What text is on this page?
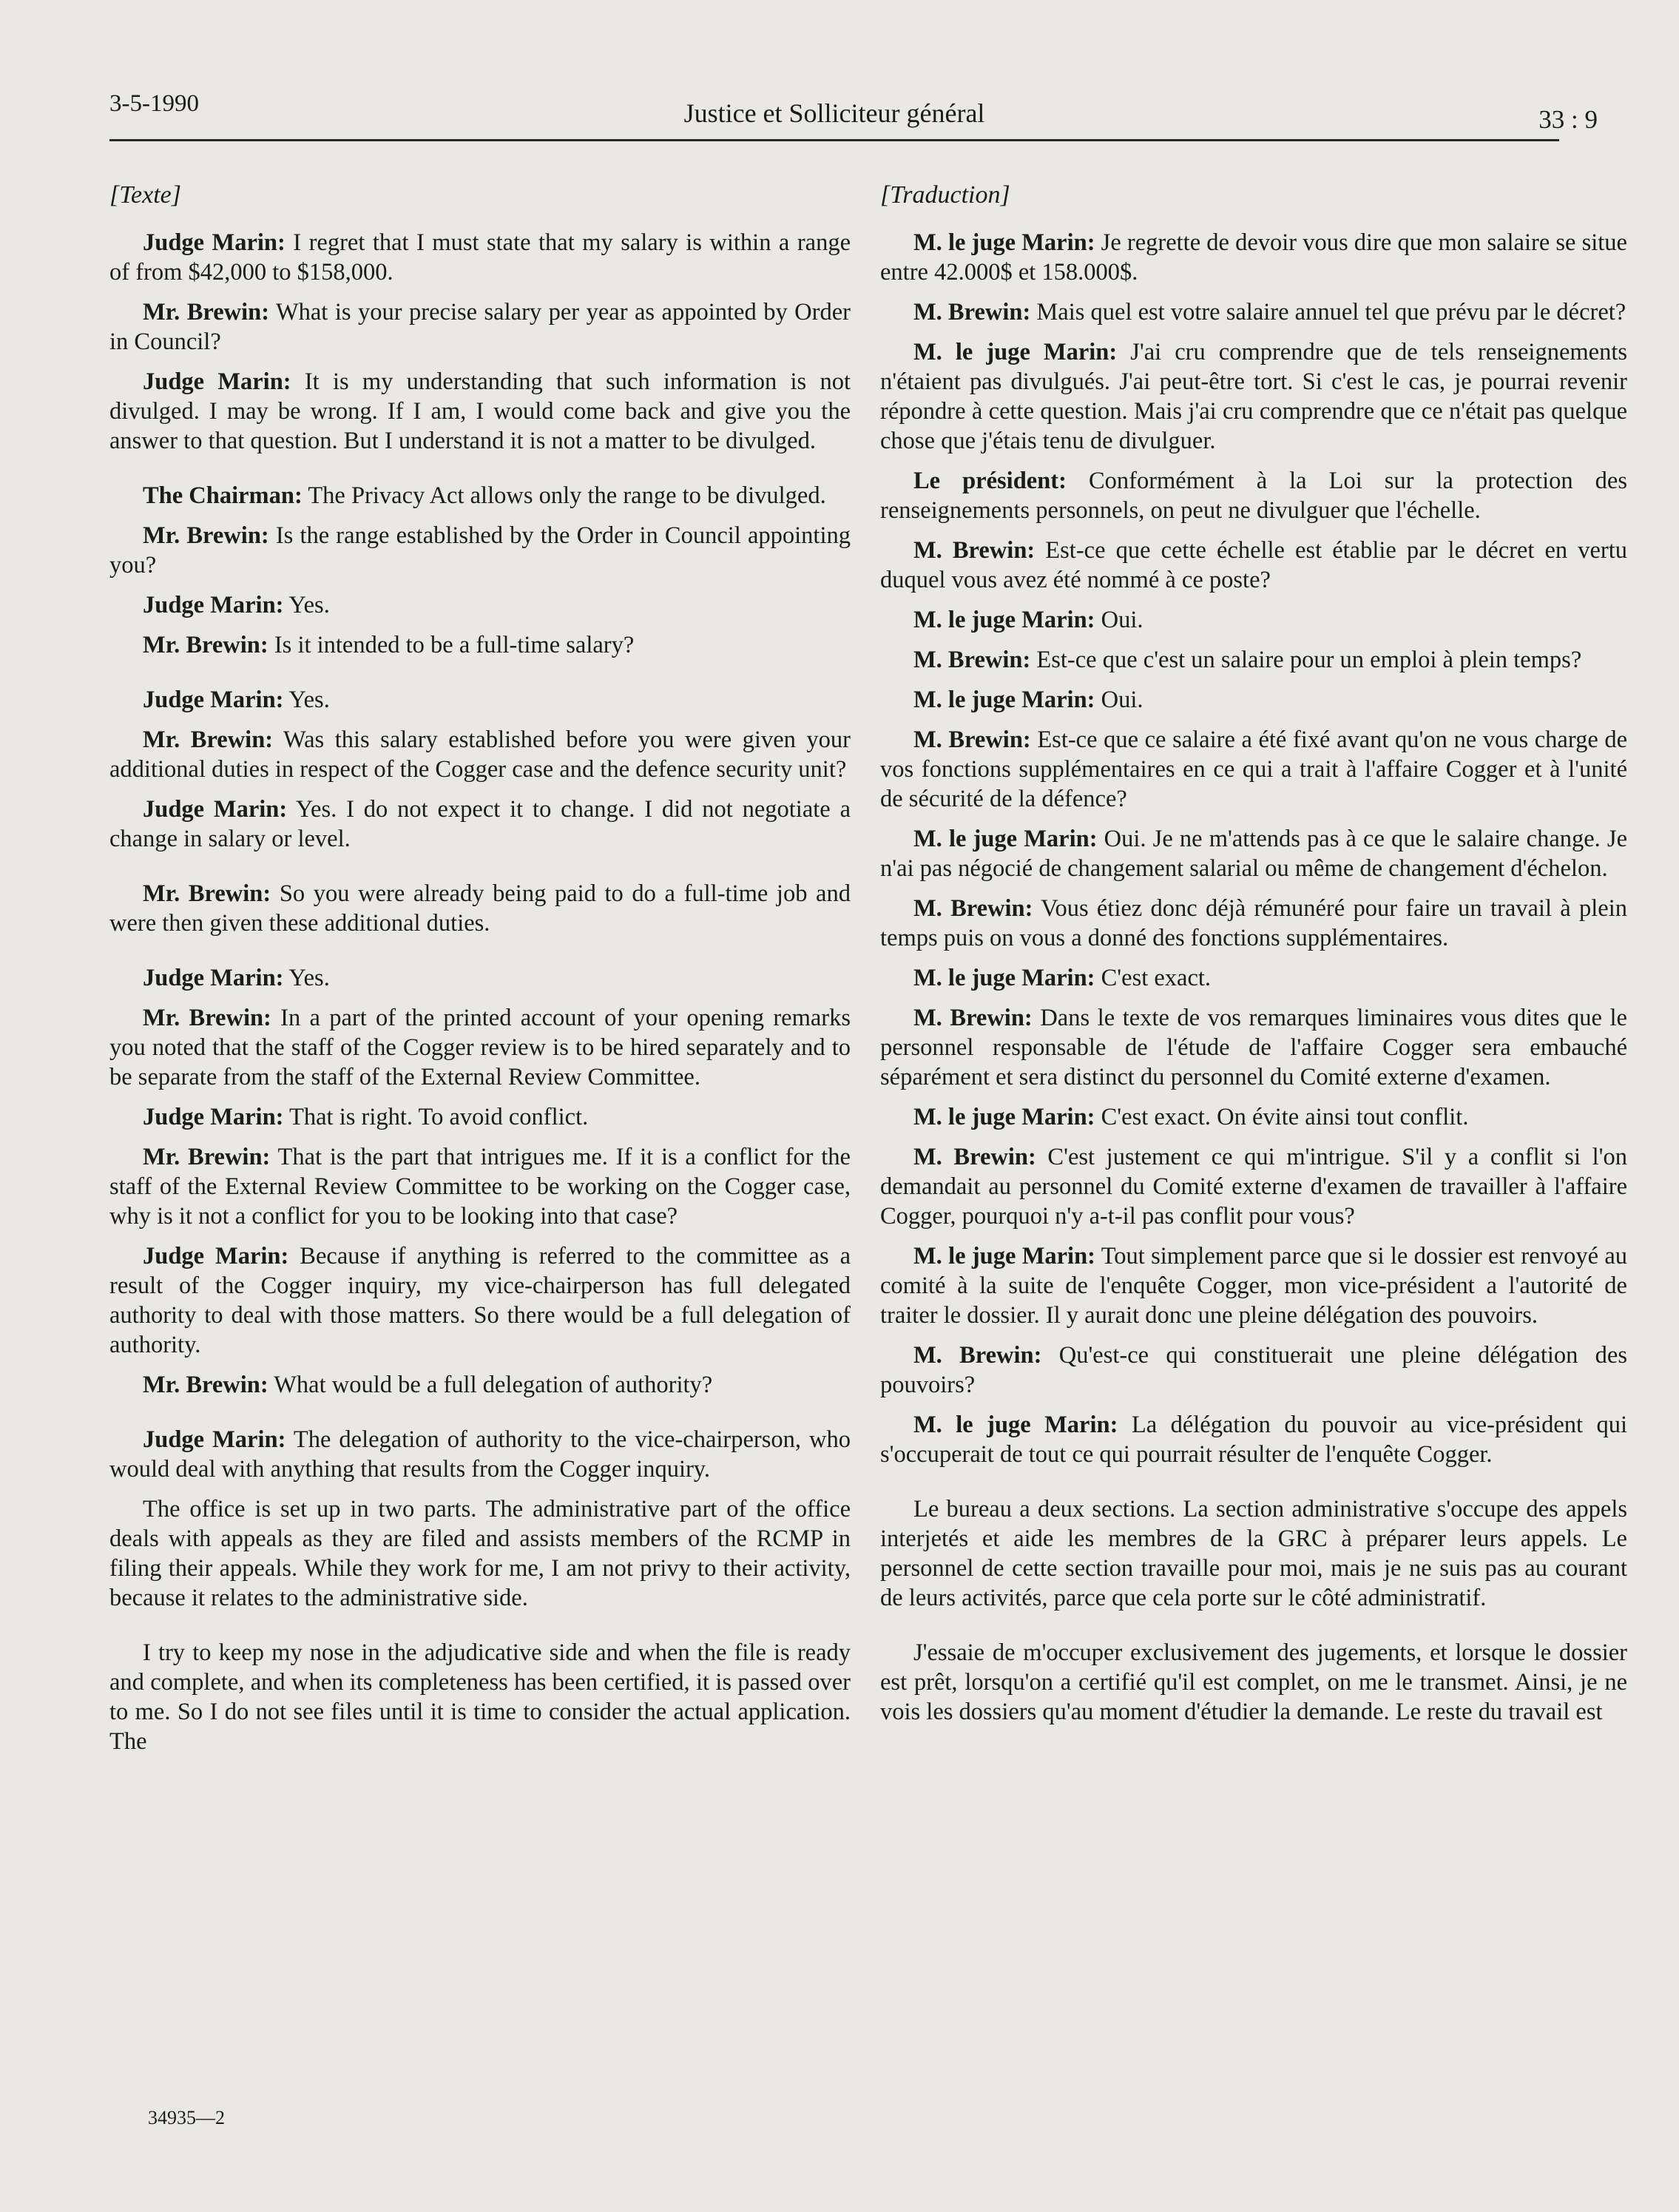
3-5-1990	Justice et Solliciteur général	33 : 9
[Texte]

Judge Marin: I regret that I must state that my salary is within a range of from $42,000 to $158,000.

Mr. Brewin: What is your precise salary per year as appointed by Order in Council?

Judge Marin: It is my understanding that such information is not divulged. I may be wrong. If I am, I would come back and give you the answer to that question. But I understand it is not a matter to be divulged.

The Chairman: The Privacy Act allows only the range to be divulged.

Mr. Brewin: Is the range established by the Order in Council appointing you?

Judge Marin: Yes.

Mr. Brewin: Is it intended to be a full-time salary?

Judge Marin: Yes.

Mr. Brewin: Was this salary established before you were given your additional duties in respect of the Cogger case and the defence security unit?

Judge Marin: Yes. I do not expect it to change. I did not negotiate a change in salary or level.

Mr. Brewin: So you were already being paid to do a full-time job and were then given these additional duties.

Judge Marin: Yes.

Mr. Brewin: In a part of the printed account of your opening remarks you noted that the staff of the Cogger review is to be hired separately and to be separate from the staff of the External Review Committee.

Judge Marin: That is right. To avoid conflict.

Mr. Brewin: That is the part that intrigues me. If it is a conflict for the staff of the External Review Committee to be working on the Cogger case, why is it not a conflict for you to be looking into that case?

Judge Marin: Because if anything is referred to the committee as a result of the Cogger inquiry, my vice-chairperson has full delegated authority to deal with those matters. So there would be a full delegation of authority.

Mr. Brewin: What would be a full delegation of authority?

Judge Marin: The delegation of authority to the vice-chairperson, who would deal with anything that results from the Cogger inquiry.

The office is set up in two parts. The administrative part of the office deals with appeals as they are filed and assists members of the RCMP in filing their appeals. While they work for me, I am not privy to their activity, because it relates to the administrative side.

I try to keep my nose in the adjudicative side and when the file is ready and complete, and when its completeness has been certified, it is passed over to me. So I do not see files until it is time to consider the actual application. The

[Traduction]

M. le juge Marin: Je regrette de devoir vous dire que mon salaire se situe entre 42.000$ et 158.000$.

M. Brewin: Mais quel est votre salaire annuel tel que prévu par le décret?

M. le juge Marin: J'ai cru comprendre que de tels renseignements n'étaient pas divulgués. J'ai peut-être tort. Si c'est le cas, je pourrai revenir répondre à cette question. Mais j'ai cru comprendre que ce n'était pas quelque chose que j'étais tenu de divulguer.

Le président: Conformément à la Loi sur la protection des renseignements personnels, on peut ne divulguer que l'échelle.

M. Brewin: Est-ce que cette échelle est établie par le décret en vertu duquel vous avez été nommé à ce poste?

M. le juge Marin: Oui.

M. Brewin: Est-ce que c'est un salaire pour un emploi à plein temps?

M. le juge Marin: Oui.

M. Brewin: Est-ce que ce salaire a été fixé avant qu'on ne vous charge de vos fonctions supplémentaires en ce qui a trait à l'affaire Cogger et à l'unité de sécurité de la défence?

M. le juge Marin: Oui. Je ne m'attends pas à ce que le salaire change. Je n'ai pas négocié de changement salarial ou même de changement d'échelon.

M. Brewin: Vous étiez donc déjà rémunéré pour faire un travail à plein temps puis on vous a donné des fonctions supplémentaires.

M. le juge Marin: C'est exact.

M. Brewin: Dans le texte de vos remarques liminaires vous dites que le personnel responsable de l'étude de l'affaire Cogger sera embauché séparément et sera distinct du personnel du Comité externe d'examen.

M. le juge Marin: C'est exact. On évite ainsi tout conflit.

M. Brewin: C'est justement ce qui m'intrigue. S'il y a conflit si l'on demandait au personnel du Comité externe d'examen de travailler à l'affaire Cogger, pourquoi n'y a-t-il pas conflit pour vous?

M. le juge Marin: Tout simplement parce que si le dossier est renvoyé au comité à la suite de l'enquête Cogger, mon vice-président a l'autorité de traiter le dossier. Il y aurait donc une pleine délégation des pouvoirs.

M. Brewin: Qu'est-ce qui constituerait une pleine délégation des pouvoirs?

M. le juge Marin: La délégation du pouvoir au vice-président qui s'occuperait de tout ce qui pourrait résulter de l'enquête Cogger.

Le bureau a deux sections. La section administrative s'occupe des appels interjetés et aide les membres de la GRC à préparer leurs appels. Le personnel de cette section travaille pour moi, mais je ne suis pas au courant de leurs activités, parce que cela porte sur le côté administratif.

J'essaie de m'occuper exclusivement des jugements, et lorsque le dossier est prêt, lorsqu'on a certifié qu'il est complet, on me le transmet. Ainsi, je ne vois les dossiers qu'au moment d'étudier la demande. Le reste du travail est

34935—2
